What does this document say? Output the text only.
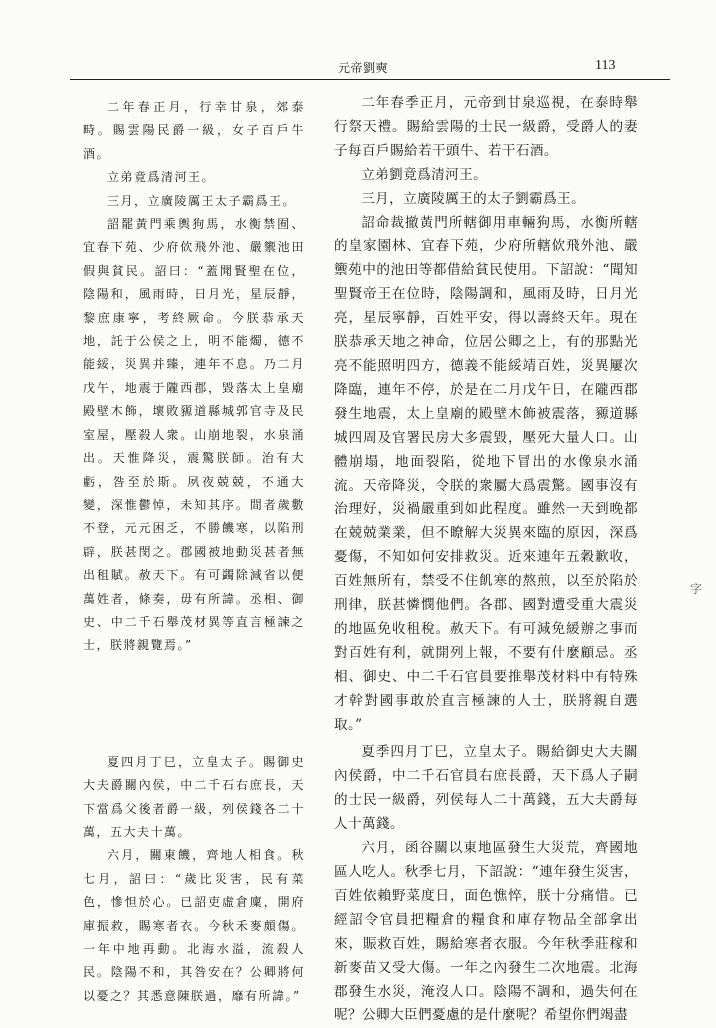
元帝劉奭	113

二年春正月，行幸甘泉，郊泰畤。賜雲陽民爵一級，女子百戶牛酒。

立弟竟爲清河王。

三月，立廣陵厲王太子霸爲王。

詔罷黃門乘輿狗馬，水衡禁囿、宜春下苑、少府佽飛外池、嚴籞池田假與貧民。詔曰：“蓋聞賢聖在位，陰陽和，風雨時，日月光，星辰靜，黎庶康寧，考終厥命。今朕恭承天地，託于公侯之上，明不能燭，德不能綏，災異并臻，連年不息。乃二月戊午，地震于隴西郡，毀落太上皇廟殿壁木飾，壞敗豲道縣城郭官寺及民室屋，壓殺人衆。山崩地裂，水泉涌出。天惟降災，震驚朕師。治有大虧，咎至於斯。夙夜兢兢，不通大變，深惟鬱悼，未知其序。間者歲數不登，元元困乏，不勝饑寒，以陷刑辟，朕甚閔之。郡國被地動災甚者無出租賦。赦天下。有可蠲除減省以便萬姓者，條奏，毋有所諱。丞相、御史、中二千石舉茂材異等直言極諫之士，朕將親覽焉。”

夏四月丁巳，立皇太子。賜御史大夫爵關內侯，中二千石右庶長，天下當爲父後者爵一級，列侯錢各二十萬，五大夫十萬。

六月，關東饑，齊地人相食。秋七月，詔曰：“歲比災害，民有菜色，慘怛於心。已詔吏虛倉廩，開府庫振救，賜寒者衣。今秋禾麥頗傷。一年中地再動。北海水溢，流殺人民。陰陽不和，其咎安在？公卿將何以憂之？其悉意陳朕過，靡有所諱。”

二年春季正月，元帝到甘泉巡視，在泰時舉行祭天禮。賜給雲陽的士民一級爵，受爵人的妻子每百戶賜給若干頭牛、若干石酒。

立弟劉竟爲清河王。

三月，立廣陵厲王的太子劉霸爲王。

詔命裁撤黃門所轄御用車輛狗馬，水衡所轄的皇家園林、宜春下苑，少府所轄佽飛外池、嚴籞苑中的池田等都借給貧民使用。下詔說：“聞知聖賢帝王在位時，陰陽調和，風雨及時，日月光亮，星辰寧靜，百姓平安，得以壽終天年。現在朕恭承天地之神命，位居公卿之上，有的那點光亮不能照明四方，德義不能綏靖百姓，災異屢次降臨，連年不停，於是在二月戊午日，在隴西郡發生地震，太上皇廟的殿壁木飾被震落，豲道縣城四周及官署民房大多震毀，壓死大量人口。山體崩塌，地面裂陷，從地下冒出的水像泉水涌流。天帝降災，令朕的衆屬大爲震驚。國事沒有治理好，災禍嚴重到如此程度。雖然一天到晚都在兢兢業業，但不瞭解大災異來臨的原因，深爲憂傷，不知如何安排救災。近來連年五穀歉收，百姓無所有，禁受不住飢寒的熬煎，以至於陷於刑律，朕甚憐憫他們。各郡、國對遭受重大震災的地區免收租稅。赦天下。有可減免緩辦之事而對百姓有利，就開列上報，不要有什麼顧忌。丞相、御史、中二千石官員要推舉茂材料中有特殊才幹對國事敢於直言極諫的人士，朕將親自選取。”

夏季四月丁巳，立皇太子。賜給御史大夫關內侯爵，中二千石官員右庶長爵，天下爲人子嗣的士民一級爵，列侯每人二十萬錢，五大夫爵每人十萬錢。

六月，函谷關以東地區發生大災荒，齊國地區人吃人。秋季七月，下詔說：“連年發生災害，百姓依賴野菜度日，面色憔悴，朕十分痛惜。已經詔令官員把糧倉的糧食和庫存物品全部拿出來，賑救百姓，賜給寒者衣服。今年秋季莊稼和新麥苗又受大傷。一年之內發生二次地震。北海郡發生水災，淹沒人口。陰陽不調和，過失何在呢？公卿大臣們憂慮的是什麼呢？希望你們竭盡

字
